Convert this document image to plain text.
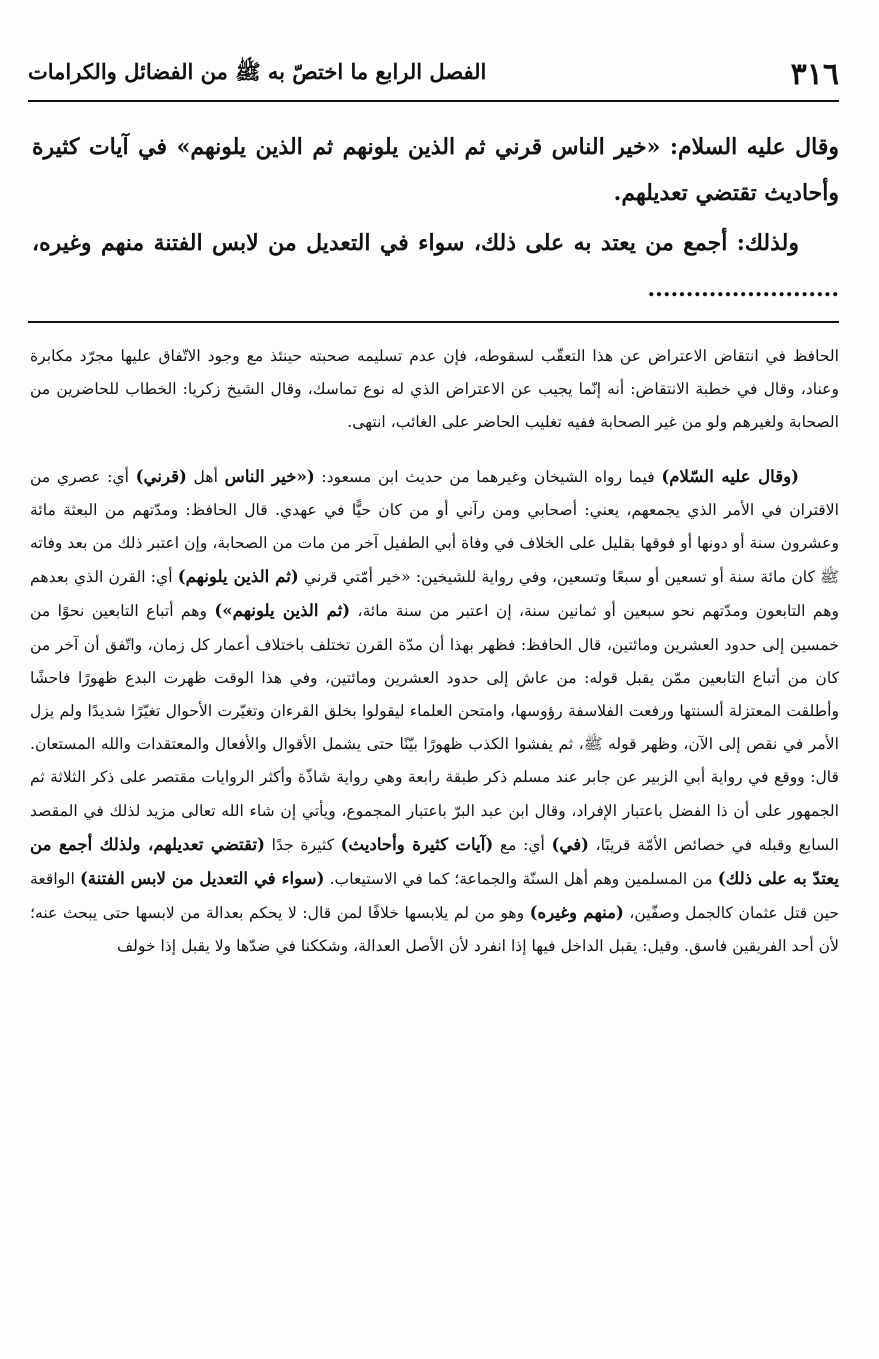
٣١٦
الفصل الرابع ما اختصّ به ﷺ من الفضائل والكرامات

وقال عليه السلام: «خير الناس قرني ثم الذين يلونهم ثم الذين يلونهم» في آيات كثيرة وأحاديث تقتضي تعديلهم.

ولذلك: أجمع من يعتد به على ذلك، سواء في التعديل من لابس الفتنة منهم وغيره، .........................

الحافظ في انتقاض الاعتراض عن هذا التعقّب لسقوطه، فإن عدم تسليمه صحبته حينئذ مع وجود الاتّفاق عليها مجرّد مكابرة وعناد، وقال في خطبة الانتقاض: أنه إنّما يجيب عن الاعتراض الذي له نوع تماسك، وقال الشيخ زكريا: الخطاب للحاضرين من الصحابة ولغيرهم ولو من غير الصحابة ففيه تغليب الحاضر على الغائب، انتهى.

(وقال عليه السّلام) فيما رواه الشيخان وغيرهما من حديث ابن مسعود: («خير الناس أهل (قرني) أي: عصري من الاقتران في الأمر الذي يجمعهم، يعني: أصحابي ومن رآني أو من كان حيًّا في عهدي. قال الحافظ: ومدّتهم من البعثة مائة وعشرون سنة أو دونها أو فوقها بقليل على الخلاف في وفاة أبي الطفيل آخر من مات من الصحابة، وإن اعتبر ذلك من بعد وفاته ﷺ كان مائة سنة أو تسعين أو سبعًا وتسعين، وفي رواية للشيخين: «خير أمّتي قرني (ثم الذين يلونهم) أي: القرن الذي بعدهم وهم التابعون ومدّتهم نحو سبعين أو ثمانين سنة، إن اعتبر من سنة مائة، (ثم الذين يلونهم») وهم أتباع التابعين نحوًا من خمسين إلى حدود العشرين ومائتين، قال الحافظ: فظهر بهذا أن مدّة القرن تختلف باختلاف أعمار كل زمان، واتّفق أن آخر من كان من أتباع التابعين ممّن يقبل قوله: من عاش إلى حدود العشرين ومائتين، وفي هذا الوقت ظهرت البدع ظهورًا فاحشًا وأطلقت المعتزلة ألسنتها ورفعت الفلاسفة رؤوسها، وامتحن العلماء ليقولوا بخلق القرءان وتغيّرت الأحوال تغيّرًا شديدًا ولم يزل الأمر في نقص إلى الآن، وظهر قوله ﷺ، ثم يفشوا الكذب ظهورًا بيّنًا حتى يشمل الأقوال والأفعال والمعتقدات والله المستعان. قال: ووقع في رواية أبي الزبير عن جابر عند مسلم ذكر طبقة رابعة وهي رواية شاذّة وأكثر الروايات مقتصر على ذكر الثلاثة ثم الجمهور على أن ذا الفضل باعتبار الإفراد، وقال ابن عبد البرّ باعتبار المجموع، ويأتي إن شاء الله تعالى مزيد لذلك في المقصد السابع وقبله في خصائص الأمّة قريبًا، (في) أي: مع (آيات كثيرة وأحاديث) كثيرة جدًا (تقتضي تعديلهم، ولذلك أجمع من يعتدّ به على ذلك) من المسلمين وهم أهل السنّة والجماعة؛ كما في الاستيعاب. (سواء في التعديل من لابس الفتنة) الواقعة حين قتل عثمان كالجمل وصفّين، (منهم وغيره) وهو من لم يلابسها خلافًا لمن قال: لا يحكم بعدالة من لابسها حتى يبحث عنه؛ لأن أحد الفريقين فاسق. وقيل: يقبل الداخل فيها إذا انفرد لأن الأصل العدالة، وشككنا في ضدّها ولا يقبل إذا خولف
